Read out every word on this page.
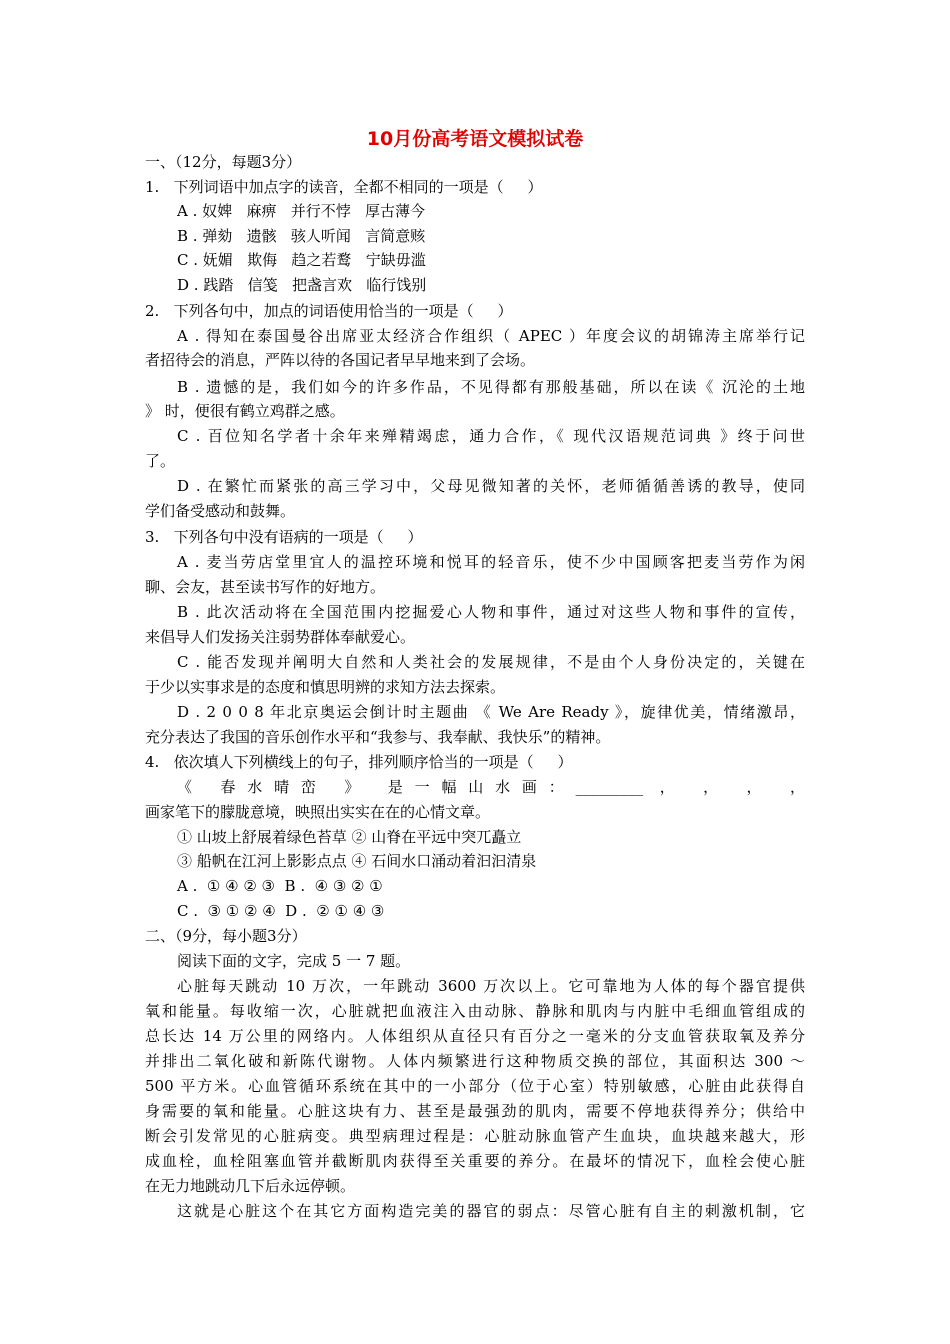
10月份高考语文模拟试卷
一、（12分，每题3分）
1.   下列词语中加点字的读音，全都不相同的一项是（     ）
A . 奴婢   麻痹   并行不悖   厚古薄今
B . 弹劾   遗骸   骇人听闻   言简意赅
C . 妩媚   欺侮   趋之若鹜   宁缺毋滥
D . 践踏   信笺   把盏言欢   临行饯别
2.   下列各句中，加点的词语使用恰当的一项是（     ）
A . 得知在泰国曼谷出席亚太经济合作组织（ APEC ）年度会议的胡锦涛主席举行记
者招待会的消息，严阵以待的各国记者早早地来到了会场。
B . 遗憾的是，我们如今的许多作品，不见得都有那般基础，所以在读《 沉沦的土地
》 时，便很有鹤立鸡群之感。
C . 百位知名学者十余年来殚精竭虑，通力合作，《 现代汉语规范词典 》终于问世
了。
D . 在繁忙而紧张的高三学习中，父母见微知著的关怀，老师循循善诱的教导，使同
学们备受感动和鼓舞。
3.   下列各句中没有语病的一项是（     ）
A . 麦当劳店堂里宜人的温控环境和悦耳的轻音乐，使不少中国顾客把麦当劳作为闲
聊、会友，甚至读书写作的好地方。
B . 此次活动将在全国范围内挖掘爱心人物和事件，通过对这些人物和事件的宣传，
来倡导人们发扬关注弱势群体奉献爱心。
C . 能否发现并阐明大自然和人类社会的发展规律，不是由个人身份决定的，关键在
于少以实事求是的态度和慎思明辨的求知方法去探索。
D . 2 0 0 8 年北京奥运会倒计时主题曲 《 We Are Ready 》，旋律优美，情绪激昂，
充分表达了我国的音乐创作水平和“我参与、我奉献、我快乐”的精神。
4.   依次填人下列横线上的句子，排列顺序恰当的一项是（     ）
《 春水晴峦 》 是一幅山水画：_________ ， ， ， ，
画家笔下的朦胧意境，映照出实实在在的心情文章。
① 山坡上舒展着绿色苔草 ② 山脊在平远中突兀矗立
③ 船帆在江河上影影点点 ④ 石间水口涌动着汩汩清泉
A .  ① ④ ② ③  B .  ④ ③ ② ①
C .  ③ ① ② ④  D .  ② ① ④ ③
二、（9分，每小题3分）
阅读下面的文字，完成 5 一 7 题。
心脏每天跳动 10 万次，一年跳动 3600 万次以上。它可靠地为人体的每个器官提供
氧和能量。每收缩一次，心脏就把血液注入由动脉、静脉和肌肉与内脏中毛细血管组成的
总长达 14 万公里的网络内。人体组织从直径只有百分之一毫米的分支血管获取氧及养分
并排出二氧化破和新陈代谢物。人体内频繁进行这种物质交换的部位，其面积达 300 ～
500 平方米。心血管循环系统在其中的一小部分（位于心室）特别敏感，心脏由此获得自
身需要的氧和能量。心脏这块有力、甚至是最强劲的肌肉，需要不停地获得养分；供给中
断会引发常见的心脏病变。典型病理过程是：心脏动脉血管产生血块，血块越来越大，形
成血栓，血栓阻塞血管并截断肌肉获得至关重要的养分。在最坏的情况下，血栓会使心脏
在无力地跳动几下后永远停顿。
这就是心脏这个在其它方面构造完美的器官的弱点：尽管心脏有自主的刺激机制，它
